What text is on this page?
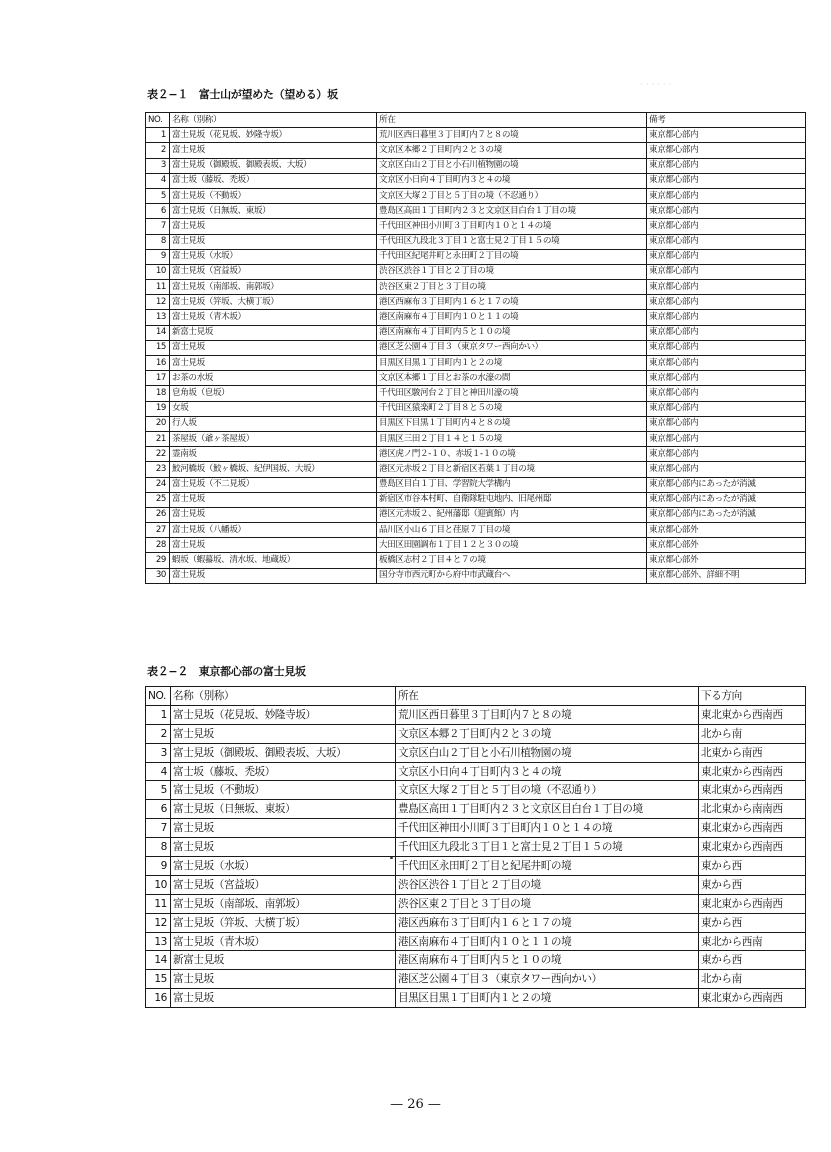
· · · · · ·
表２−１　富士山が望めた（望める）坂
NO.	名称（別称）	所在	備考
1	富士見坂（花見坂、妙隆寺坂）	荒川区西日暮里３丁目町内７と８の境	東京都心部内
2	富士見坂	文京区本郷２丁目町内２と３の境	東京都心部内
3	富士見坂（御殿坂、御殿表坂、大坂）	文京区白山２丁目と小石川植物園の境	東京都心部内
4	富士坂（藤坂、禿坂）	文京区小日向４丁目町内３と４の境	東京都心部内
5	富士見坂（不動坂）	文京区大塚２丁目と５丁目の境（不忍通り）	東京都心部内
6	富士見坂（日無坂、東坂）	豊島区高田１丁目町内２３と文京区目白台１丁目の境	東京都心部内
7	富士見坂	千代田区神田小川町３丁目町内１０と１４の境	東京都心部内
8	富士見坂	千代田区九段北３丁目１と富士見２丁目１５の境	東京都心部内
9	富士見坂（水坂）	千代田区紀尾井町と永田町２丁目の境	東京都心部内
10	富士見坂（宮益坂）	渋谷区渋谷１丁目と２丁目の境	東京都心部内
11	富士見坂（南部坂、南郭坂）	渋谷区東２丁目と３丁目の境	東京都心部内
12	富士見坂（笄坂、大横丁坂）	港区西麻布３丁目町内１６と１７の境	東京都心部内
13	富士見坂（青木坂）	港区南麻布４丁目町内１０と１１の境	東京都心部内
14	新富士見坂	港区南麻布４丁目町内５と１０の境	東京都心部内
15	富士見坂	港区芝公園４丁目３（東京タワー西向かい）	東京都心部内
16	富士見坂	目黒区目黒１丁目町内１と２の境	東京都心部内
17	お茶の水坂	文京区本郷１丁目とお茶の水濠の間	東京都心部内
18	皀角坂（皀坂）	千代田区駿河台２丁目と神田川濠の境	東京都心部内
19	女坂	千代田区猿楽町２丁目８と５の境	東京都心部内
20	行人坂	目黒区下目黒１丁目町内４と８の境	東京都心部内
21	茶屋坂（爺ヶ茶屋坂）	目黒区三田２丁目１４と１５の境	東京都心部内
22	霊南坂	港区虎ノ門２-１０、赤坂１-１０の境	東京都心部内
23	鮫河橋坂（鮫ヶ橋坂、紀伊国坂、大坂）	港区元赤坂２丁目と新宿区若葉１丁目の境	東京都心部内
24	富士見坂（不二見坂）	豊島区目白１丁目、学習院大学構内	東京都心部内にあったが消滅
25	富士見坂	新宿区市谷本村町、自衛隊駐屯地内、旧尾州邸	東京都心部内にあったが消滅
26	富士見坂	港区元赤坂２、紀州藩邸（迎賓館）内	東京都心部内にあったが消滅
27	富士見坂（八幡坂）	品川区小山６丁目と荏原７丁目の境	東京都心部外
28	富士見坂	大田区田園調布１丁目１２と３０の境	東京都心部外
29	蝦坂（蝦蟇坂、清水坂、地蔵坂）	板橋区志村２丁目４と７の境	東京都心部外
30	富士見坂	国分寺市西元町から府中市武蔵台へ	東京都心部外、詳細不明
表２−２　東京都心部の富士見坂
NO.	名称（別称）	所在	下る方向
1	富士見坂（花見坂、妙隆寺坂）	荒川区西日暮里３丁目町内７と８の境	東北東から西南西
2	富士見坂	文京区本郷２丁目町内２と３の境	北から南
3	富士見坂（御殿坂、御殿表坂、大坂）	文京区白山２丁目と小石川植物園の境	北東から南西
4	富士坂（藤坂、禿坂）	文京区小日向４丁目町内３と４の境	東北東から西南西
5	富士見坂（不動坂）	文京区大塚２丁目と５丁目の境（不忍通り）	東北東から西南西
6	富士見坂（日無坂、東坂）	豊島区高田１丁目町内２３と文京区目白台１丁目の境	北北東から南南西
7	富士見坂	千代田区神田小川町３丁目町内１０と１４の境	東北東から西南西
8	富士見坂	千代田区九段北３丁目１と富士見２丁目１５の境	東北東から西南西
9	富士見坂（水坂）	千代田区永田町２丁目と紀尾井町の境	東から西
10	富士見坂（宮益坂）	渋谷区渋谷１丁目と２丁目の境	東から西
11	富士見坂（南部坂、南郭坂）	渋谷区東２丁目と３丁目の境	東北東から西南西
12	富士見坂（笄坂、大横丁坂）	港区西麻布３丁目町内１６と１７の境	東から西
13	富士見坂（青木坂）	港区南麻布４丁目町内１０と１１の境	東北から西南
14	新富士見坂	港区南麻布４丁目町内５と１０の境	東から西
15	富士見坂	港区芝公園４丁目３（東京タワー西向かい）	北から南
16	富士見坂	目黒区目黒１丁目町内１と２の境	東北東から西南西
— 26 —
